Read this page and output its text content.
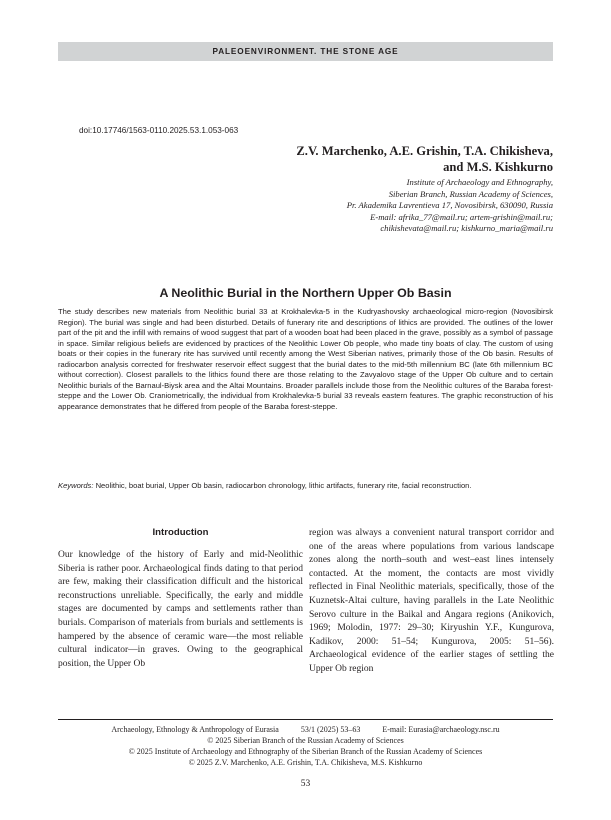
PALEOENVIRONMENT. THE STONE AGE
doi:10.17746/1563-0110.2025.53.1.053-063
Z.V. Marchenko, A.E. Grishin, T.A. Chikisheva,
and M.S. Kishkurno
Institute of Archaeology and Ethnography,
Siberian Branch, Russian Academy of Sciences,
Pr. Akademika Lavrentieva 17, Novosibirsk, 630090, Russia
E-mail: afrika_77@mail.ru; artem-grishin@mail.ru;
chikishevata@mail.ru; kishkurno_maria@mail.ru
A Neolithic Burial in the Northern Upper Ob Basin

The study describes new materials from Neolithic burial 33 at Krokhalevka-5 in the Kudryashovsky archaeological micro-region (Novosibirsk Region). The burial was single and had been disturbed. Details of funerary rite and descriptions of lithics are provided. The outlines of the lower part of the pit and the infill with remains of wood suggest that part of a wooden boat had been placed in the grave, possibly as a symbol of passage in space. Similar religious beliefs are evidenced by practices of the Neolithic Lower Ob people, who made tiny boats of clay. The custom of using boats or their copies in the funerary rite has survived until recently among the West Siberian natives, primarily those of the Ob basin. Results of radiocarbon analysis corrected for freshwater reservoir effect suggest that the burial dates to the mid-5th millennium BC (late 6th millennium BC without correction). Closest parallels to the lithics found there are those relating to the Zavyalovo stage of the Upper Ob culture and to certain Neolithic burials of the Barnaul-Biysk area and the Altai Mountains. Broader parallels include those from the Neolithic cultures of the Baraba forest-steppe and the Lower Ob. Craniometrically, the individual from Krokhalevka-5 burial 33 reveals eastern features. The graphic reconstruction of his appearance demonstrates that he differed from people of the Baraba forest-steppe.

Keywords: Neolithic, boat burial, Upper Ob basin, radiocarbon chronology, lithic artifacts, funerary rite, facial reconstruction.

Introduction

Our knowledge of the history of Early and mid-Neolithic Siberia is rather poor. Archaeological finds dating to that period are few, making their classification difficult and the historical reconstructions unreliable. Specifically, the early and middle stages are documented by camps and settlements rather than burials. Comparison of materials from burials and settlements is hampered by the absence of ceramic ware—the most reliable cultural indicator—in graves. Owing to the geographical position, the Upper Ob

region was always a convenient natural transport corridor and one of the areas where populations from various landscape zones along the north–south and west–east lines intensely contacted. At the moment, the contacts are most vividly reflected in Final Neolithic materials, specifically, those of the Kuznetsk-Altai culture, having parallels in the Late Neolithic Serovo culture in the Baikal and Angara regions (Anikovich, 1969; Molodin, 1977: 29–30; Kiryushin Y.F., Kungurova, Kadikov, 2000: 51–54; Kungurova, 2005: 51–56). Archaeological evidence of the earlier stages of settling the Upper Ob region

Archaeology, Ethnology & Anthropology of Eurasia	53/1 (2025) 53–63	E-mail: Eurasia@archaeology.nsc.ru
© 2025 Siberian Branch of the Russian Academy of Sciences
© 2025 Institute of Archaeology and Ethnography of the Siberian Branch of the Russian Academy of Sciences
© 2025 Z.V. Marchenko, A.E. Grishin, T.A. Chikisheva, M.S. Kishkurno
53
